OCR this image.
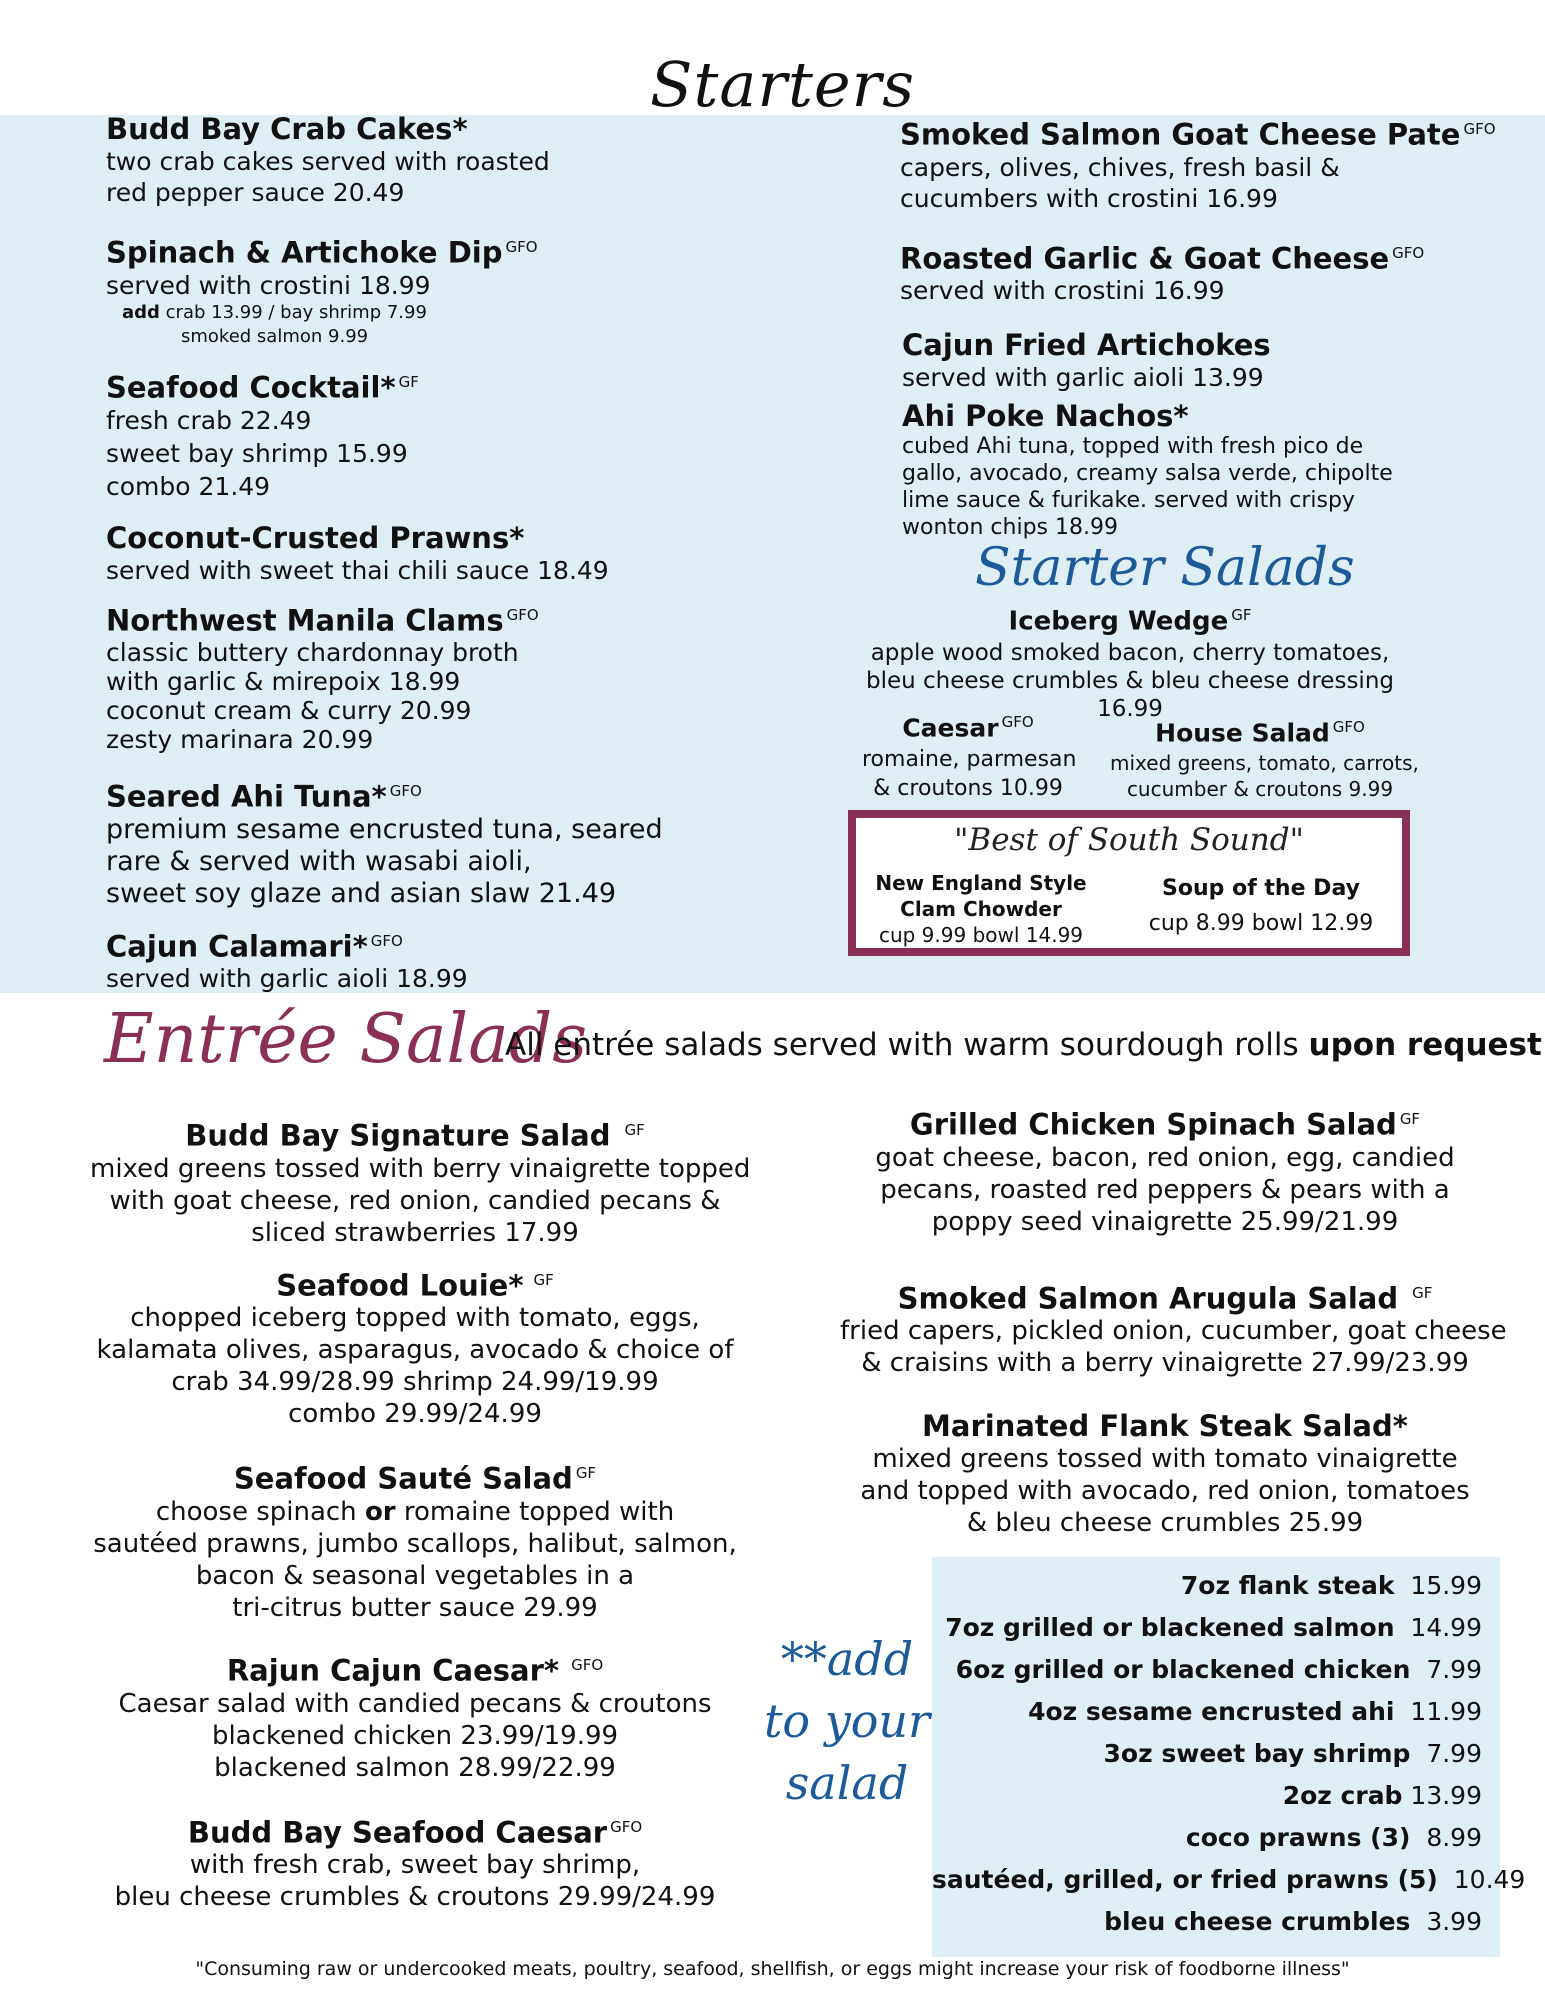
Starters
Budd Bay Crab Cakes*
two crab cakes served with roasted
red pepper sauce 20.49
Spinach & Artichoke Dip $^{GFO}$
served with crostini 18.99
add crab 13.99 / bay shrimp 7.99
smoked salmon 9.99
Seafood Cocktail* $^{GF}$
fresh crab 22.49
sweet bay shrimp 15.99
combo 21.49
Coconut-Crusted Prawns*
served with sweet thai chili sauce 18.49
Northwest Manila Clams $^{GFO}$
classic buttery chardonnay broth
with garlic & mirepoix 18.99
coconut cream & curry 20.99
zesty marinara 20.99
Seared Ahi Tuna* $^{GFO}$
premium sesame encrusted tuna, seared
rare & served with wasabi aioli,
sweet soy glaze and asian slaw 21.49
Cajun Calamari* $^{GFO}$
served with garlic aioli 18.99
Smoked Salmon Goat Cheese Pate $^{GFO}$
capers, olives, chives, fresh basil &
cucumbers with crostini 16.99
Roasted Garlic & Goat Cheese $^{GFO}$
served with crostini 16.99
Cajun Fried Artichokes
served with garlic aioli 13.99
Ahi Poke Nachos*
cubed Ahi tuna, topped with fresh pico de
gallo, avocado, creamy salsa verde, chipolte
lime sauce & furikake. served with crispy
wonton chips 18.99
Starter Salads
Iceberg Wedge $^{GF}$
apple wood smoked bacon, cherry tomatoes,
bleu cheese crumbles & bleu cheese dressing
16.99
Caesar $^{GFO}$
romaine, parmesan
& croutons 10.99
House Salad $^{GFO}$
mixed greens, tomato, carrots,
cucumber & croutons 9.99
"Best of South Sound"
New England Style
Clam Chowder
cup 9.99 bowl 14.99
Soup of the Day
cup 8.99 bowl 12.99
Entrée Salads
All entrée salads served with warm sourdough rolls upon request
Budd Bay Signature Salad $^{GF}$
mixed greens tossed with berry vinaigrette topped
with goat cheese, red onion, candied pecans &
sliced strawberries 17.99
Seafood Louie* $^{GF}$
chopped iceberg topped with tomato, eggs,
kalamata olives, asparagus, avocado & choice of
crab 34.99/28.99 shrimp 24.99/19.99
combo 29.99/24.99
Seafood Sauté Salad $^{GF}$
choose spinach or romaine topped with
sautéed prawns, jumbo scallops, halibut, salmon,
bacon & seasonal vegetables in a
tri-citrus butter sauce 29.99
Rajun Cajun Caesar* $^{GFO}$
Caesar salad with candied pecans & croutons
blackened chicken 23.99/19.99
blackened salmon 28.99/22.99
Budd Bay Seafood Caesar $^{GFO}$
with fresh crab, sweet bay shrimp,
bleu cheese crumbles & croutons 29.99/24.99
Grilled Chicken Spinach Salad $^{GF}$
goat cheese, bacon, red onion, egg, candied
pecans, roasted red peppers & pears with a
poppy seed vinaigrette 25.99/21.99
Smoked Salmon Arugula Salad $^{GF}$
fried capers, pickled onion, cucumber, goat cheese
& craisins with a berry vinaigrette 27.99/23.99
Marinated Flank Steak Salad*
mixed greens tossed with tomato vinaigrette
and topped with avocado, red onion, tomatoes
& bleu cheese crumbles 25.99
**add
to your
salad
7oz flank steak 15.99
7oz grilled or blackened salmon 14.99
6oz grilled or blackened chicken 7.99
4oz sesame encrusted ahi 11.99
3oz sweet bay shrimp 7.99
2oz crab 13.99
coco prawns (3) 8.99
sautéed, grilled, or fried prawns (5) 10.49
bleu cheese crumbles 3.99
"Consuming raw or undercooked meats, poultry, seafood, shellfish, or eggs might increase your risk of foodborne illness"
